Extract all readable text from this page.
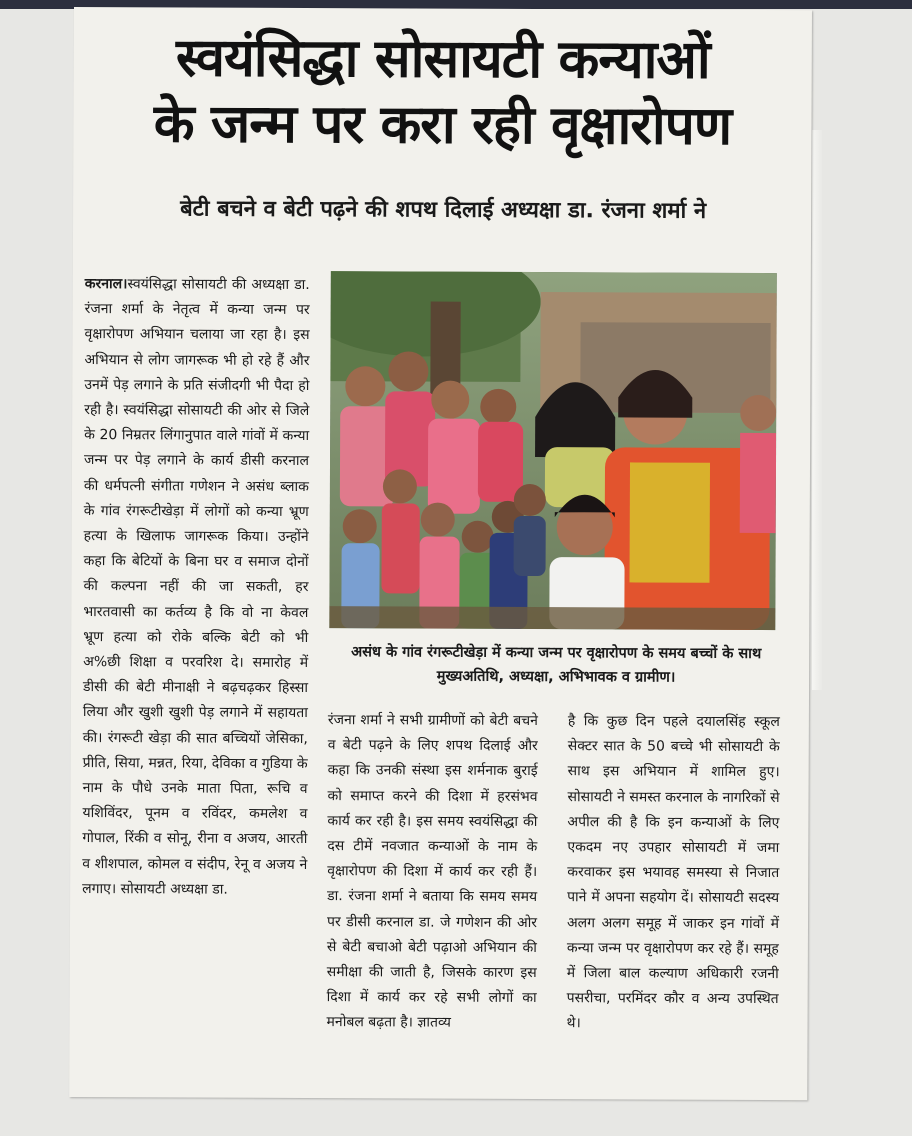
स्वयंसिद्धा सोसायटी कन्याओं
के जन्म पर करा रही वृक्षारोपण
बेटी बचने व बेटी पढ़ने की शपथ दिलाई अध्यक्षा डा. रंजना शर्मा ने

करनाल।स्वयंसिद्धा सोसायटी की अध्यक्षा डा. रंजना शर्मा के नेतृत्व में कन्या जन्म पर वृक्षारोपण अभियान चलाया जा रहा है। इस अभियान से लोग जागरूक भी हो रहे हैं और उनमें पेड़ लगाने के प्रति संजीदगी भी पैदा हो रही है। स्वयंसिद्धा सोसायटी की ओर से जिले के 20 निम्रतर लिंगानुपात वाले गांवों में कन्या जन्म पर पेड़ लगाने के कार्य डीसी करनाल की धर्मपत्नी संगीता गणेशन ने असंध ब्लाक के गांव रंगरूटीखेड़ा में लोगों को कन्या भ्रूण हत्या के खिलाफ जागरूक किया। उन्होंने कहा कि बेटियों के बिना घर व समाज दोनों की कल्पना नहीं की जा सकती, हर भारतवासी का कर्तव्य है कि वो ना केवल भ्रूण हत्या को रोके बल्कि बेटी को भी अ%छी शिक्षा व परवरिश दे। समारोह में डीसी की बेटी मीनाक्षी ने बढ़चढ़कर हिस्सा लिया और खुशी खुशी पेड़ लगाने में सहायता की। रंगरूटी खेड़ा की सात बच्चियों जेसिका, प्रीति, सिया, मन्नत, रिया, देविका व गुडिया के नाम के पौधे उनके माता पिता, रूचि व यशिविंदर, पूनम व रविंदर, कमलेश व गोपाल, रिंकी व सोनू, रीना व अजय, आरती व शीशपाल, कोमल व संदीप, रेनू व अजय ने लगाए। सोसायटी अध्यक्षा डा.

असंध के गांव रंगरूटीखेड़ा में कन्या जन्म पर वृक्षारोपण के समय बच्चों के साथ मुख्यअतिथि, अध्यक्षा, अभिभावक व ग्रामीण।

रंजना शर्मा ने सभी ग्रामीणों को बेटी बचने व बेटी पढ़ने के लिए शपथ दिलाई और कहा कि उनकी संस्था इस शर्मनाक बुराई को समाप्त करने की दिशा में हरसंभव कार्य कर रही है। इस समय स्वयंसिद्धा की दस टीमें नवजात कन्याओं के नाम के वृक्षारोपण की दिशा में कार्य कर रही हैं। डा. रंजना शर्मा ने बताया कि समय समय पर डीसी करनाल डा. जे गणेशन की ओर से बेटी बचाओ बेटी पढ़ाओ अभियान की समीक्षा की जाती है, जिसके कारण इस दिशा में कार्य कर रहे सभी लोगों का मनोबल बढ़ता है। ज्ञातव्य

है कि कुछ दिन पहले दयालसिंह स्कूल सेक्टर सात के 50 बच्चे भी सोसायटी के साथ इस अभियान में शामिल हुए। सोसायटी ने समस्त करनाल के नागरिकों से अपील की है कि इन कन्याओं के लिए एकदम नए उपहार सोसायटी में जमा करवाकर इस भयावह समस्या से निजात पाने में अपना सहयोग दें। सोसायटी सदस्य अलग अलग समूह में जाकर इन गांवों में कन्या जन्म पर वृक्षारोपण कर रहे हैं। समूह में जिला बाल कल्याण अधिकारी रजनी पसरीचा, परमिंदर कौर व अन्य उपस्थित थे।
